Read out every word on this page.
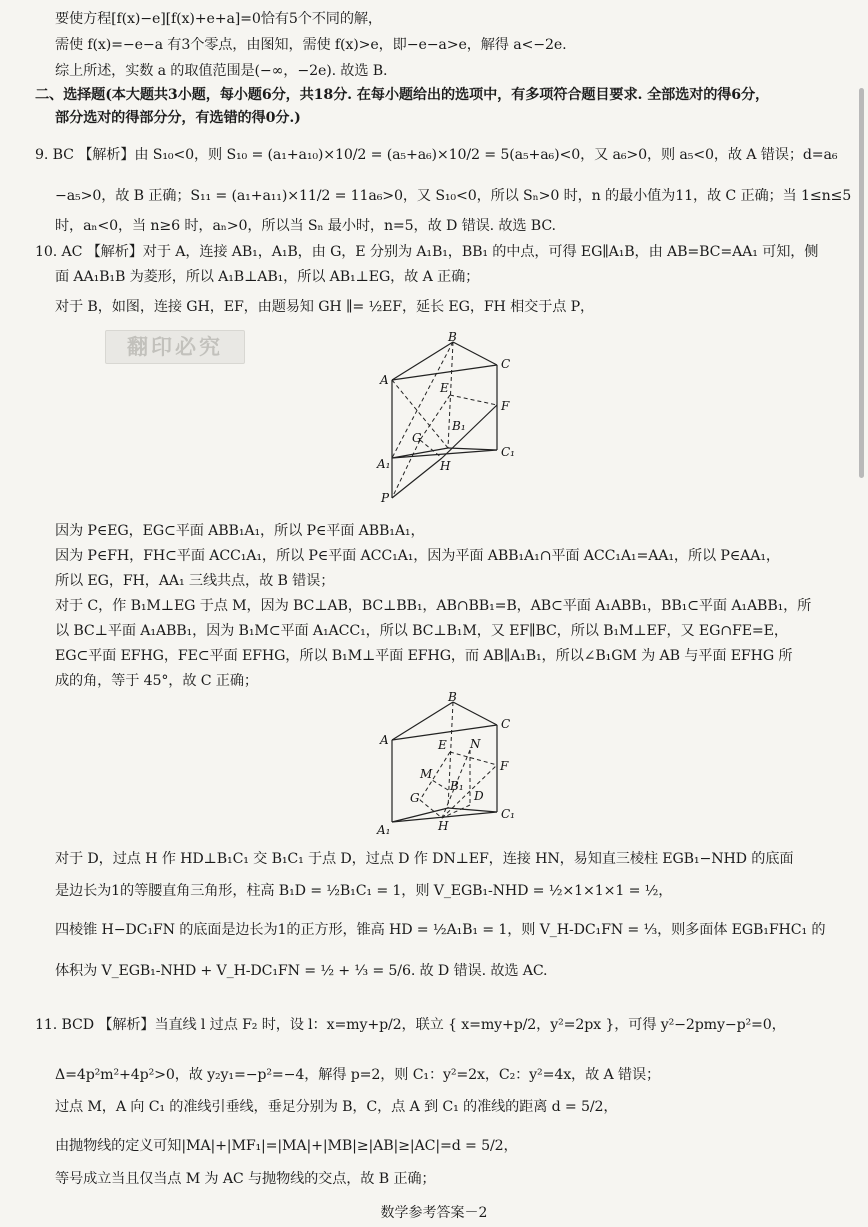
要使方程[f(x)−e][f(x)+e+a]=0恰有5个不同的解，
需使 f(x)=−e−a 有3个零点，由图知，需使 f(x)>e，即−e−a>e，解得 a<−2e.
综上所述，实数 a 的取值范围是(−∞，−2e). 故选 B.
二、选择题(本大题共3小题，每小题6分，共18分. 在每小题给出的选项中，有多项符合题目要求. 全部选对的得6分，
部分选对的得部分分，有选错的得0分.)
9. BC 【解析】由 S₁₀<0，则 S₁₀ = (a₁+a₁₀)×10/2 = (a₅+a₆)×10/2 = 5(a₅+a₆)<0，又 a₆>0，则 a₅<0，故 A 错误；d=a₆
−a₅>0，故 B 正确；S₁₁ = (a₁+a₁₁)×11/2 = 11a₆>0，又 S₁₀<0，所以 Sₙ>0 时，n 的最小值为11，故 C 正确；当 1≤n≤5
时，aₙ<0，当 n≥6 时，aₙ>0，所以当 Sₙ 最小时，n=5，故 D 错误. 故选 BC.
10. AC 【解析】对于 A，连接 AB₁，A₁B，由 G，E 分别为 A₁B₁，BB₁ 的中点，可得 EG∥A₁B，由 AB=BC=AA₁ 可知，侧
面 AA₁B₁B 为菱形，所以 A₁B⊥AB₁，所以 AB₁⊥EG，故 A 正确；
对于 B，如图，连接 GH，EF，由题易知 GH ∥= ½EF，延长 EG，FH 相交于点 P，
翻印必究	B
C
A
E
F
B₁
G
C₁
A₁	H
P
因为 P∈EG，EG⊂平面 ABB₁A₁，所以 P∈平面 ABB₁A₁，
因为 P∈FH，FH⊂平面 ACC₁A₁，所以 P∈平面 ACC₁A₁，因为平面 ABB₁A₁∩平面 ACC₁A₁=AA₁，所以 P∈AA₁，
所以 EG，FH，AA₁ 三线共点，故 B 错误；
对于 C，作 B₁M⊥EG 于点 M，因为 BC⊥AB，BC⊥BB₁，AB∩BB₁=B，AB⊂平面 A₁ABB₁，BB₁⊂平面 A₁ABB₁，所
以 BC⊥平面 A₁ABB₁，因为 B₁M⊂平面 A₁ACC₁，所以 BC⊥B₁M，又 EF∥BC，所以 B₁M⊥EF，又 EG∩FE=E，
EG⊂平面 EFHG，FE⊂平面 EFHG，所以 B₁M⊥平面 EFHG，而 AB∥A₁B₁，所以∠B₁GM 为 AB 与平面 EFHG 所
成的角，等于 45°，故 C 正确；
B
C
A	E N
F
M
B₁
G	D
C₁
A₁	H
对于 D，过点 H 作 HD⊥B₁C₁ 交 B₁C₁ 于点 D，过点 D 作 DN⊥EF，连接 HN，易知直三棱柱 EGB₁−NHD 的底面
是边长为1的等腰直角三角形，柱高 B₁D = ½B₁C₁ = 1，则 V_EGB₁-NHD = ½×1×1×1 = ½，
四棱锥 H−DC₁FN 的底面是边长为1的正方形，锥高 HD = ½A₁B₁ = 1，则 V_H-DC₁FN = ⅓，则多面体 EGB₁FHC₁ 的
体积为 V_EGB₁-NHD + V_H-DC₁FN = ½ + ⅓ = 5/6. 故 D 错误. 故选 AC.
11. BCD 【解析】当直线 l 过点 F₂ 时，设 l：x=my+p/2，联立 { x=my+p/2，y²=2px }，可得 y²−2pmy−p²=0，
Δ=4p²m²+4p²>0，故 y₂y₁=−p²=−4，解得 p=2，则 C₁：y²=2x，C₂：y²=4x，故 A 错误；
过点 M，A 向 C₁ 的准线引垂线，垂足分别为 B，C，点 A 到 C₁ 的准线的距离 d = 5/2，
由抛物线的定义可知|MA|+|MF₁|=|MA|+|MB|≥|AB|≥|AC|=d = 5/2，
等号成立当且仅当点 M 为 AC 与抛物线的交点，故 B 正确；
数学参考答案－2
